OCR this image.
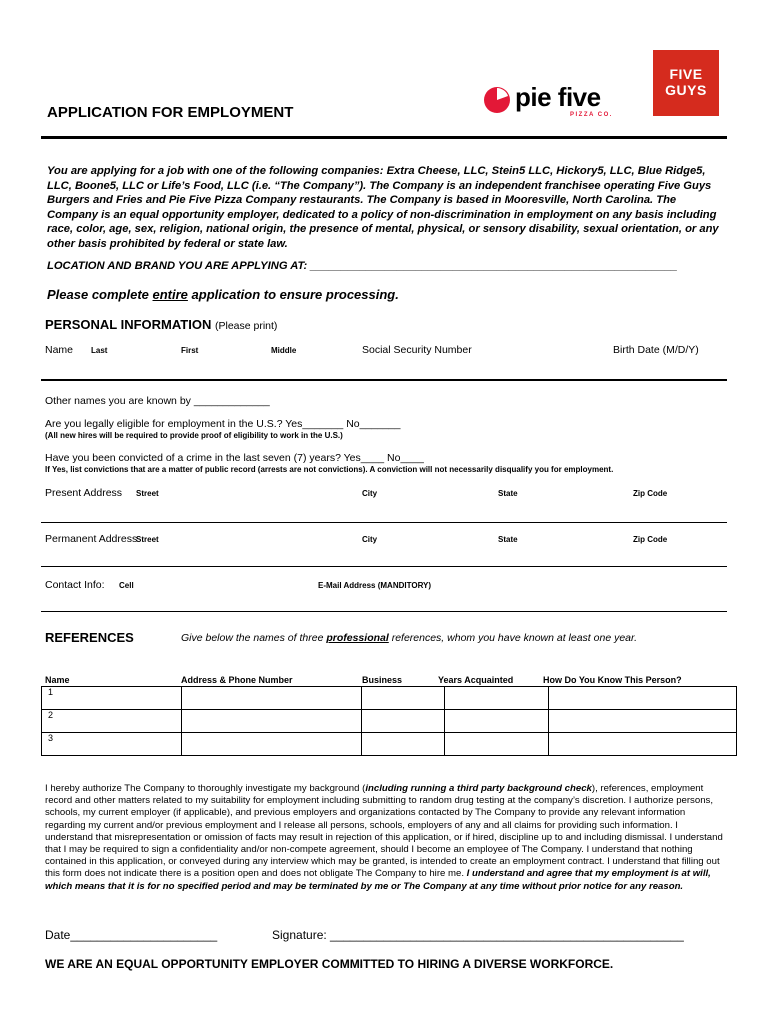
APPLICATION FOR EMPLOYMENT
pie five
PIZZA CO.
FIVE
GUYS
You are applying for a job with one of the following companies: Extra Cheese, LLC, Stein5 LLC, Hickory5, LLC, Blue Ridge5, LLC, Boone5, LLC or Life’s Food, LLC (i.e. “The Company”). The Company is an independent franchisee operating Five Guys Burgers and Fries and Pie Five Pizza Company restaurants. The Company is based in Mooresville, North Carolina. The Company is an equal opportunity employer, dedicated to a policy of non-discrimination in employment on any basis including race, color, age, sex, religion, national origin, the presence of mental, physical, or sensory disability, sexual orientation, or any other basis prohibited by federal or state law.
LOCATION AND BRAND YOU ARE APPLYING AT: ___________________________________________________________
Please complete entire application to ensure processing.
PERSONAL INFORMATION (Please print)
Name Last	First	Middle	Social Security Number	Birth Date (M/D/Y)
Other names you are known by _____________
Are you legally eligible for employment in the U.S.? Yes_______ No_______
(All new hires will be required to provide proof of eligibility to work in the U.S.)
Have you been convicted of a crime in the last seven (7) years? Yes____ No____
If Yes, list convictions that are a matter of public record (arrests are not convictions). A conviction will not necessarily disqualify you for employment.
Present Address Street	City	State	Zip Code
Permanent Address
Street	City	State	Zip Code
Contact Info: Cell	E-Mail Address (MANDITORY)
REFERENCES	Give below the names of three professional references, whom you have known at least one year.
Name	Address & Phone Number	Business	Years Acquainted	How Do You Know This Person?
1				
2				
3				
I hereby authorize The Company to thoroughly investigate my background (including running a third party background check), references, employment record and other matters related to my suitability for employment including submitting to random drug testing at the company’s discretion. I authorize persons, schools, my current employer (if applicable), and previous employers and organizations contacted by The Company to provide any relevant information regarding my current and/or previous employment and I release all persons, schools, employers of any and all claims for providing such information. I understand that misrepresentation or omission of facts may result in rejection of this application, or if hired, discipline up to and including dismissal. I understand that I may be required to sign a confidentiality and/or non-compete agreement, should I become an employee of The Company. I understand that nothing contained in this application, or conveyed during any interview which may be granted, is intended to create an employment contract. I understand that filling out this form does not indicate there is a position open and does not obligate The Company to hire me. I understand and agree that my employment is at will, which means that it is for no specified period and may be terminated by me or The Company at any time without prior notice for any reason.
Date______________________	Signature: _____________________________________________________
WE ARE AN EQUAL OPPORTUNITY EMPLOYER COMMITTED TO HIRING A DIVERSE WORKFORCE.
